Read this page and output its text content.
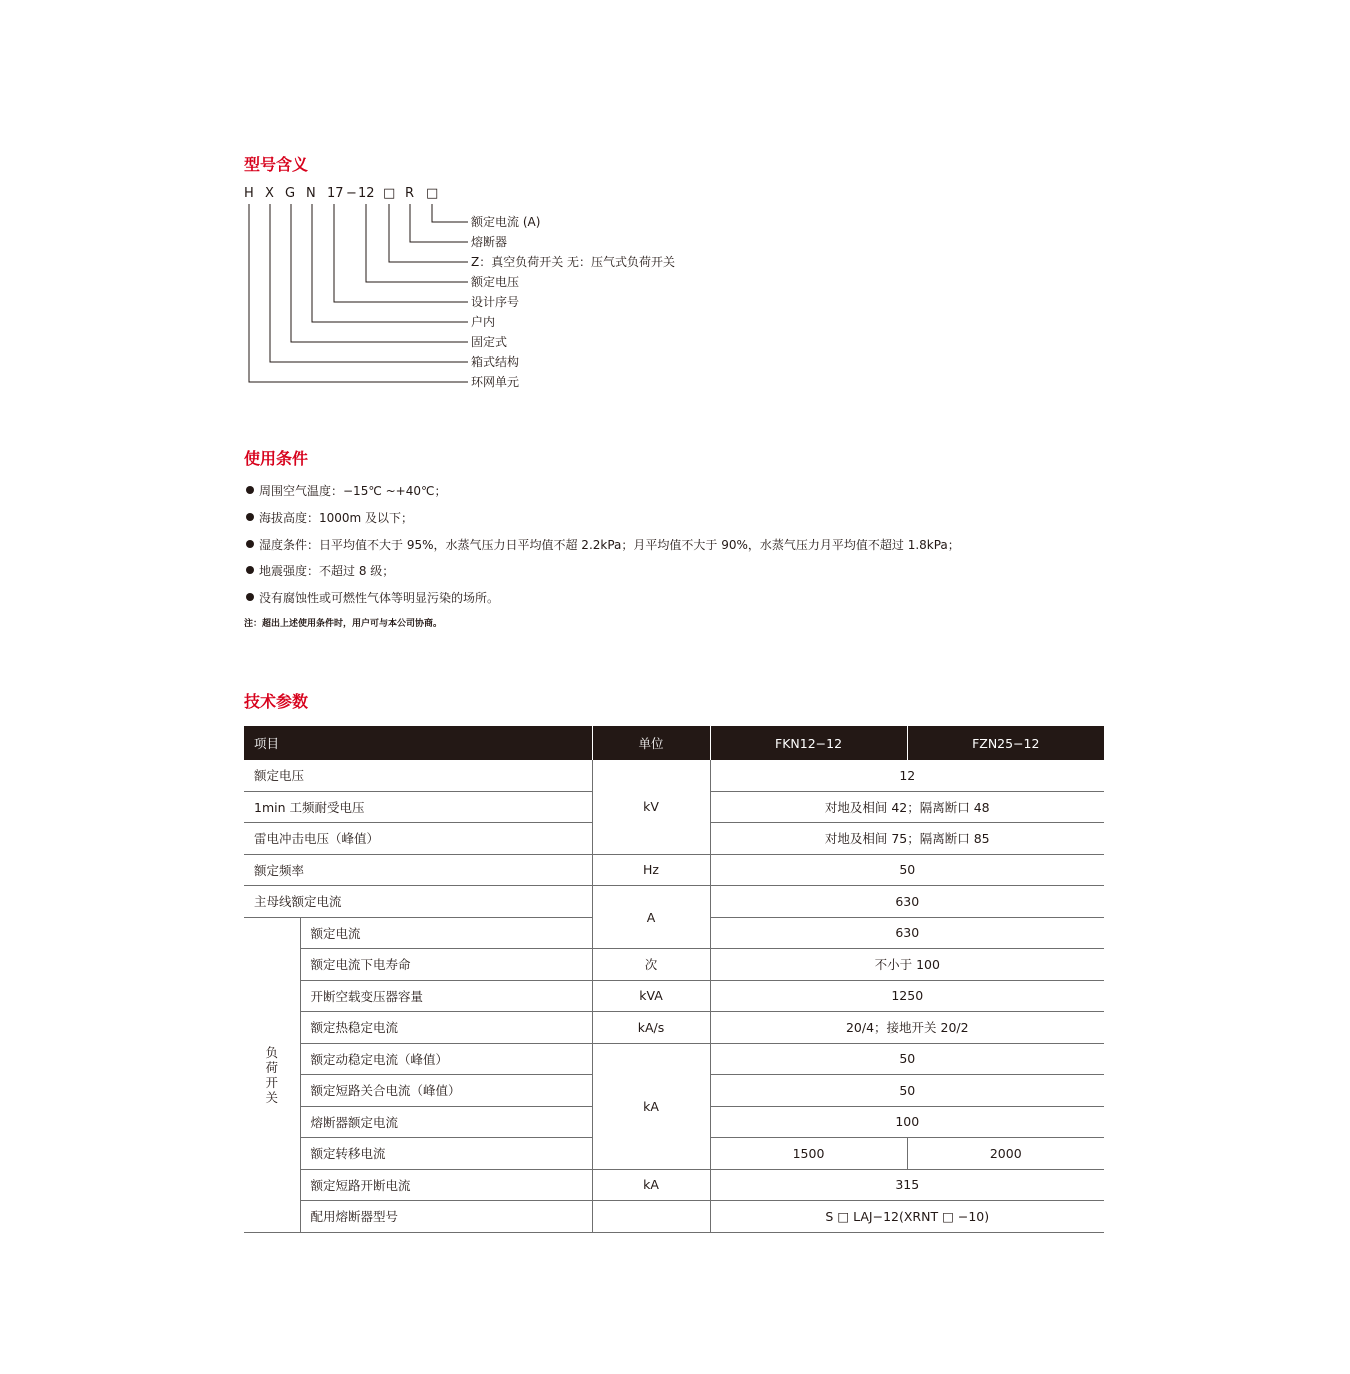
型号含义
H X G N 17 − 12 □ R □
额定电流 (A)
熔断器
Z：真空负荷开关 无：压气式负荷开关
额定电压
设计序号
户内
固定式
箱式结构
环网单元
使用条件
周围空气温度：−15℃ ~+40℃；
海拔高度：1000m 及以下；
湿度条件：日平均值不大于 95%，水蒸气压力日平均值不超 2.2kPa；月平均值不大于 90%，水蒸气压力月平均值不超过 1.8kPa；
地震强度：不超过 8 级；
没有腐蚀性或可燃性气体等明显污染的场所。
注：超出上述使用条件时，用户可与本公司协商。
技术参数
项目		单位	FKN12−12	FZN25−12
额定电压		kV	12	
1min 工频耐受电压			对地及相间 42；隔离断口 48	
雷电冲击电压（峰值）			对地及相间 75；隔离断口 85	
额定频率		Hz	50	
主母线额定电流		A	630	
负荷开关	额定电流		630	
	额定电流下电寿命	次	不小于 100	
	开断空载变压器容量	kVA	1250	
	额定热稳定电流	kA/s	20/4；接地开关 20/2	
	额定动稳定电流（峰值）	kA	50	
	额定短路关合电流（峰值）		50	
	熔断器额定电流		100	
	额定转移电流		1500	2000
	额定短路开断电流	kA	315	
	配用熔断器型号		S □ LAJ−12(XRNT □ −10)	
